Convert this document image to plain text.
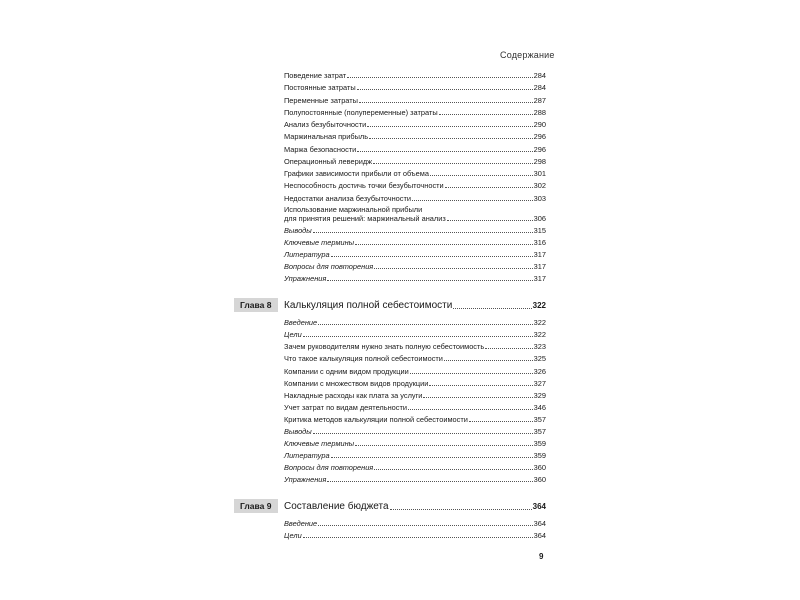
Содержание
Поведение затрат	284
Постоянные затраты	284
Переменные затраты	287
Полупостоянные (полупеременные) затраты	288
Анализ безубыточности	290
Маржинальная прибыль	296
Маржа безопасности	296
Операционный леверидж	298
Графики зависимости прибыли от объема	301
Неспособность достичь точки безубыточности	302
Недостатки анализа безубыточности	303
Использование маржинальной прибыли
для принятия решений: маржинальный анализ	306
Выводы	315
Ключевые термины	316
Литература	317
Вопросы для повторения	317
Упражнения	317
Глава 8	Калькуляция полной себестоимости	322
Введение	322
Цели	322
Зачем руководителям нужно знать полную себестоимость	323
Что такое калькуляция полной себестоимости	325
Компании с одним видом продукции	326
Компании с множеством видов продукции	327
Накладные расходы как плата за услуги	329
Учет затрат по видам деятельности	346
Критика методов калькуляции полной себестоимости	357
Выводы	357
Ключевые термины	359
Литература	359
Вопросы для повторения	360
Упражнения	360
Глава 9	Составление бюджета	364
Введение	364
Цели	364
9
